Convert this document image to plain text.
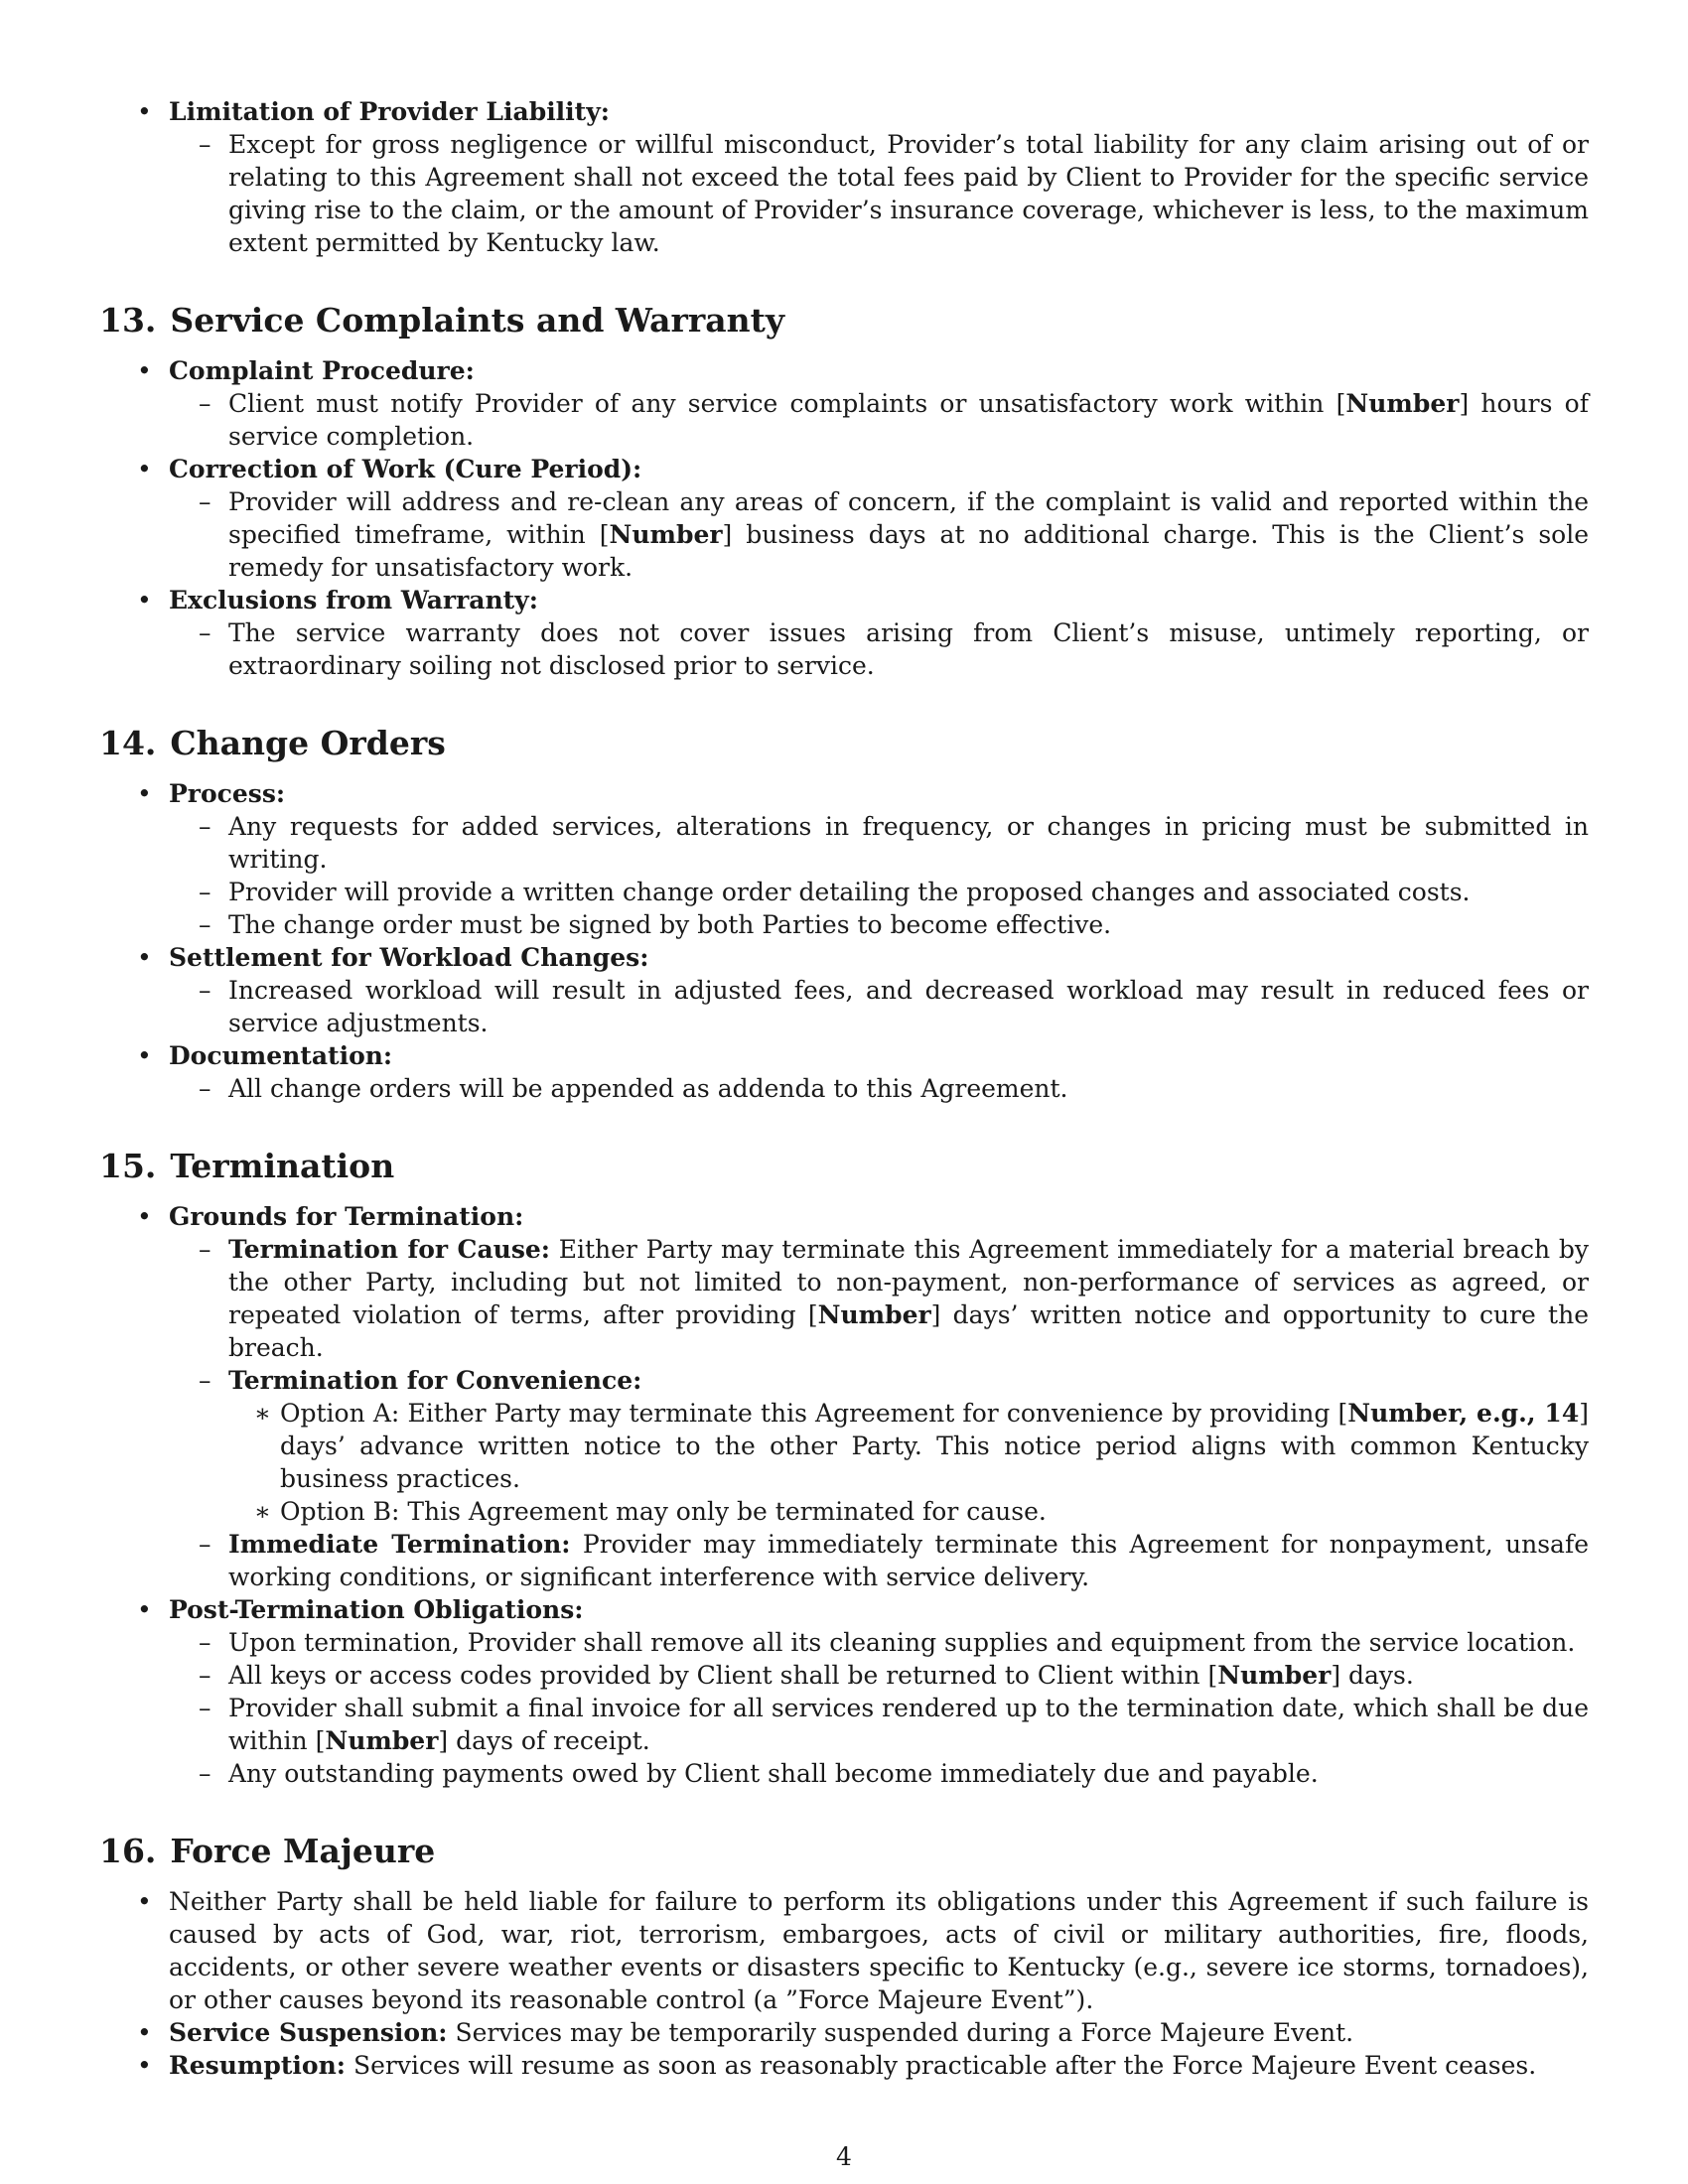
• Limitation of Provider Liability:
– Except for gross negligence or willful misconduct, Provider’s total liability for any claim arising out of or relating to this Agreement shall not exceed the total fees paid by Client to Provider for the specific service giving rise to the claim, or the amount of Provider’s insurance coverage, whichever is less, to the maximum extent permitted by Kentucky law.
13. Service Complaints and Warranty
• Complaint Procedure:
– Client must notify Provider of any service complaints or unsatisfactory work within [Number] hours of service completion.
• Correction of Work (Cure Period):
– Provider will address and re-clean any areas of concern, if the complaint is valid and reported within the specified timeframe, within [Number] business days at no additional charge. This is the Client’s sole remedy for unsatisfactory work.
• Exclusions from Warranty:
– The service warranty does not cover issues arising from Client’s misuse, untimely reporting, or extraordinary soiling not disclosed prior to service.
14. Change Orders
• Process:
– Any requests for added services, alterations in frequency, or changes in pricing must be submitted in writing.
– Provider will provide a written change order detailing the proposed changes and associated costs.
– The change order must be signed by both Parties to become effective.
• Settlement for Workload Changes:
– Increased workload will result in adjusted fees, and decreased workload may result in reduced fees or service adjustments.
• Documentation:
– All change orders will be appended as addenda to this Agreement.
15. Termination
• Grounds for Termination:
– Termination for Cause: Either Party may terminate this Agreement immediately for a material breach by the other Party, including but not limited to non-payment, non-performance of services as agreed, or repeated violation of terms, after providing [Number] days’ written notice and opportunity to cure the breach.
– Termination for Convenience:
∗ Option A: Either Party may terminate this Agreement for convenience by providing [Number, e.g., 14] days’ advance written notice to the other Party. This notice period aligns with common Kentucky business practices.
∗ Option B: This Agreement may only be terminated for cause.
– Immediate Termination: Provider may immediately terminate this Agreement for nonpayment, unsafe working conditions, or significant interference with service delivery.
• Post-Termination Obligations:
– Upon termination, Provider shall remove all its cleaning supplies and equipment from the service location.
– All keys or access codes provided by Client shall be returned to Client within [Number] days.
– Provider shall submit a final invoice for all services rendered up to the termination date, which shall be due within [Number] days of receipt.
– Any outstanding payments owed by Client shall become immediately due and payable.
16. Force Majeure
• Neither Party shall be held liable for failure to perform its obligations under this Agreement if such failure is caused by acts of God, war, riot, terrorism, embargoes, acts of civil or military authorities, fire, floods, accidents, or other severe weather events or disasters specific to Kentucky (e.g., severe ice storms, tornadoes), or other causes beyond its reasonable control (a ”Force Majeure Event”).
• Service Suspension: Services may be temporarily suspended during a Force Majeure Event.
• Resumption: Services will resume as soon as reasonably practicable after the Force Majeure Event ceases.
4
